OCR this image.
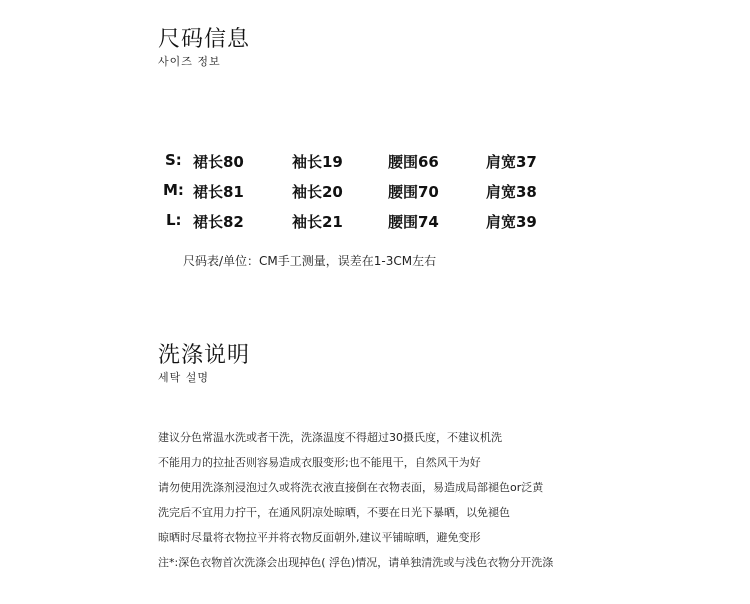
尺码信息
사이즈 정보
S: 裙长80	袖长19	腰围66	肩宽37
M: 裙长81	袖长20	腰围70	肩宽38
L: 裙长82	袖长21	腰围74	肩宽39
尺码表/单位：CM手工测量，误差在1-3CM左右
洗涤说明
세탁 설명
建议分色常温水洗或者干洗，洗涤温度不得超过30摄氏度，不建议机洗
不能用力的拉扯否则容易造成衣服变形;也不能甩干，自然风干为好
请勿使用洗涤剂浸泡过久或将洗衣液直接倒在衣物表面，易造成局部褪色or泛黄
洗完后不宜用力拧干，在通风阴凉处晾晒，不要在日光下暴晒，以免褪色
晾晒时尽量将衣物拉平并将衣物反面朝外,建议平铺晾晒，避免变形
注*:深色衣物首次洗涤会出现掉色( 浮色)情况，请单独清洗或与浅色衣物分开洗涤
